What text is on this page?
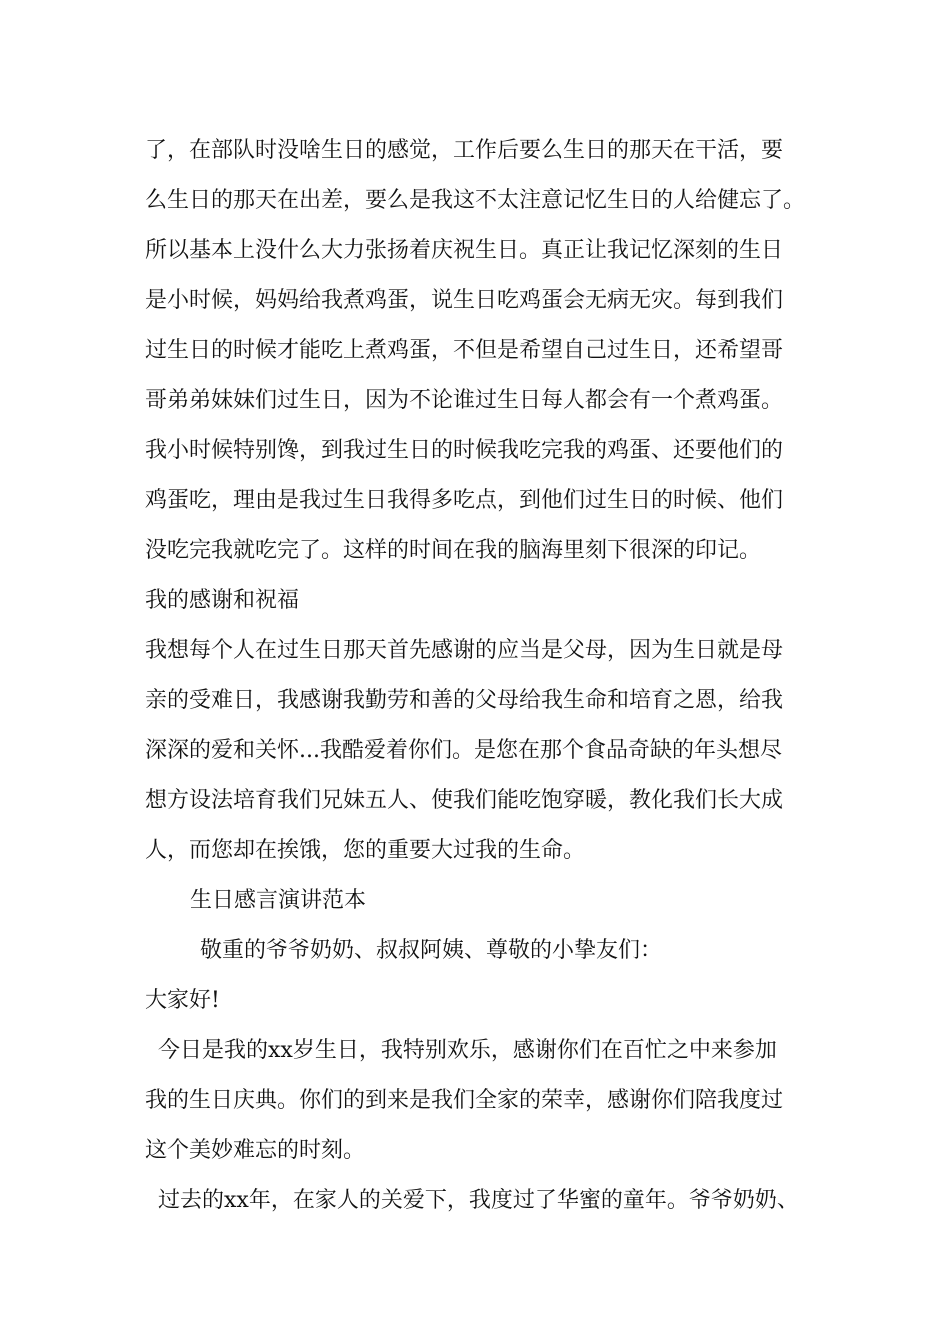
了，在部队时没啥生日的感觉，工作后要么生日的那天在干活，要
么生日的那天在出差，要么是我这不太注意记忆生日的人给健忘了。
所以基本上没什么大力张扬着庆祝生日。真正让我记忆深刻的生日
是小时候，妈妈给我煮鸡蛋，说生日吃鸡蛋会无病无灾。每到我们
过生日的时候才能吃上煮鸡蛋，不但是希望自己过生日，还希望哥
哥弟弟妹妹们过生日，因为不论谁过生日每人都会有一个煮鸡蛋。
我小时候特别馋，到我过生日的时候我吃完我的鸡蛋、还要他们的
鸡蛋吃，理由是我过生日我得多吃点，到他们过生日的时候、他们
没吃完我就吃完了。这样的时间在我的脑海里刻下很深的印记。
我的感谢和祝福
我想每个人在过生日那天首先感谢的应当是父母，因为生日就是母
亲的受难日，我感谢我勤劳和善的父母给我生命和培育之恩，给我
深深的爱和关怀...我酷爱着你们。是您在那个食品奇缺的年头想尽
想方设法培育我们兄妹五人、使我们能吃饱穿暖，教化我们长大成
人，而您却在挨饿，您的重要大过我的生命。
生日感言演讲范本
敬重的爷爷奶奶、叔叔阿姨、尊敬的小挚友们：
大家好!
今日是我的xx岁生日，我特别欢乐，感谢你们在百忙之中来参加
我的生日庆典。你们的到来是我们全家的荣幸，感谢你们陪我度过
这个美妙难忘的时刻。
过去的xx年，在家人的关爱下，我度过了华蜜的童年。爷爷奶奶、
